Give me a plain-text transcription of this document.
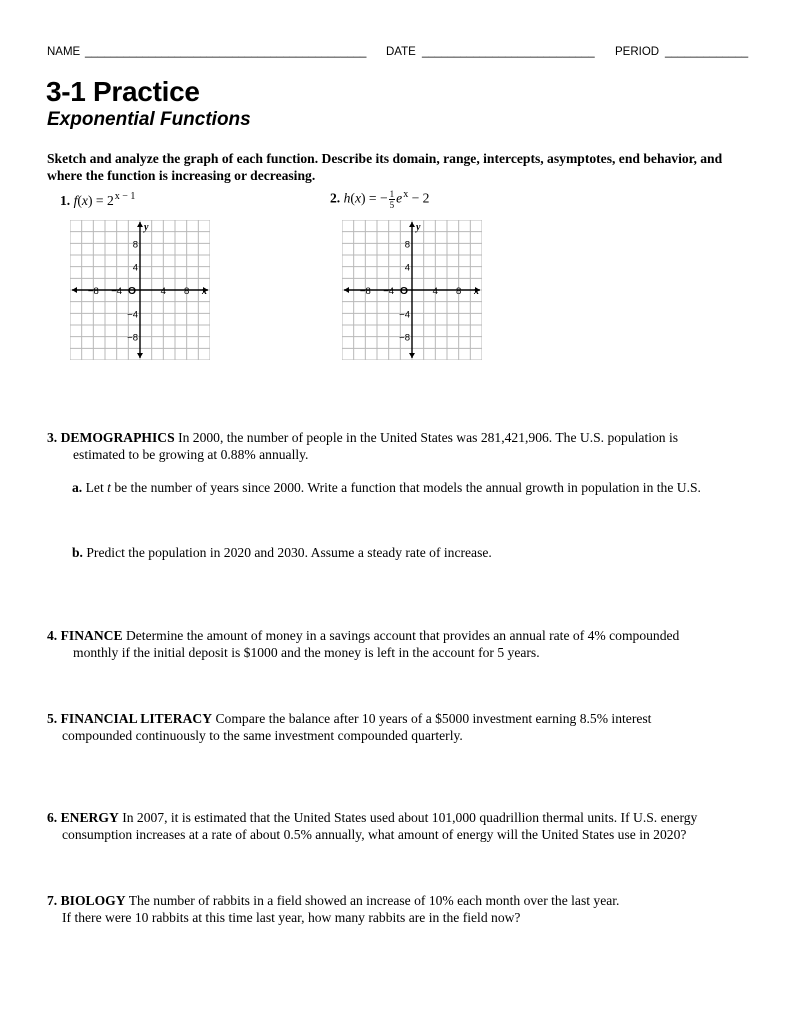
NAME ____________________________________________ DATE ___________________________ PERIOD _____________
3-1 Practice
Exponential Functions
Sketch and analyze the graph of each function. Describe its domain, range, intercepts, asymptotes, end behavior, and where the function is increasing or decreasing.
1. $f(x) = 2^{x - 1}$	2. h(x) = − $\frac{1}{5} e^x - 2$
−8 −4	4 8
8
4
−4
−8
O	x
y
−8 −4	4 8
8
4
−4
−8
O	x
y
3. DEMOGRAPHICS In 2000, the number of people in the United States was 281,421,906. The U.S. population is
estimated to be growing at 0.88% annually.
a. Let t be the number of years since 2000. Write a function that models the annual growth in population in the U.S.
b. Predict the population in 2020 and 2030. Assume a steady rate of increase.
4. FINANCE Determine the amount of money in a savings account that provides an annual rate of 4% compounded
monthly if the initial deposit is $1000 and the money is left in the account for 5 years.
5. FINANCIAL LITERACY Compare the balance after 10 years of a $5000 investment earning 8.5% interest
compounded continuously to the same investment compounded quarterly.
6. ENERGY In 2007, it is estimated that the United States used about 101,000 quadrillion thermal units. If U.S. energy
consumption increases at a rate of about 0.5% annually, what amount of energy will the United States use in 2020?
7. BIOLOGY The number of rabbits in a field showed an increase of 10% each month over the last year.
If there were 10 rabbits at this time last year, how many rabbits are in the field now?
